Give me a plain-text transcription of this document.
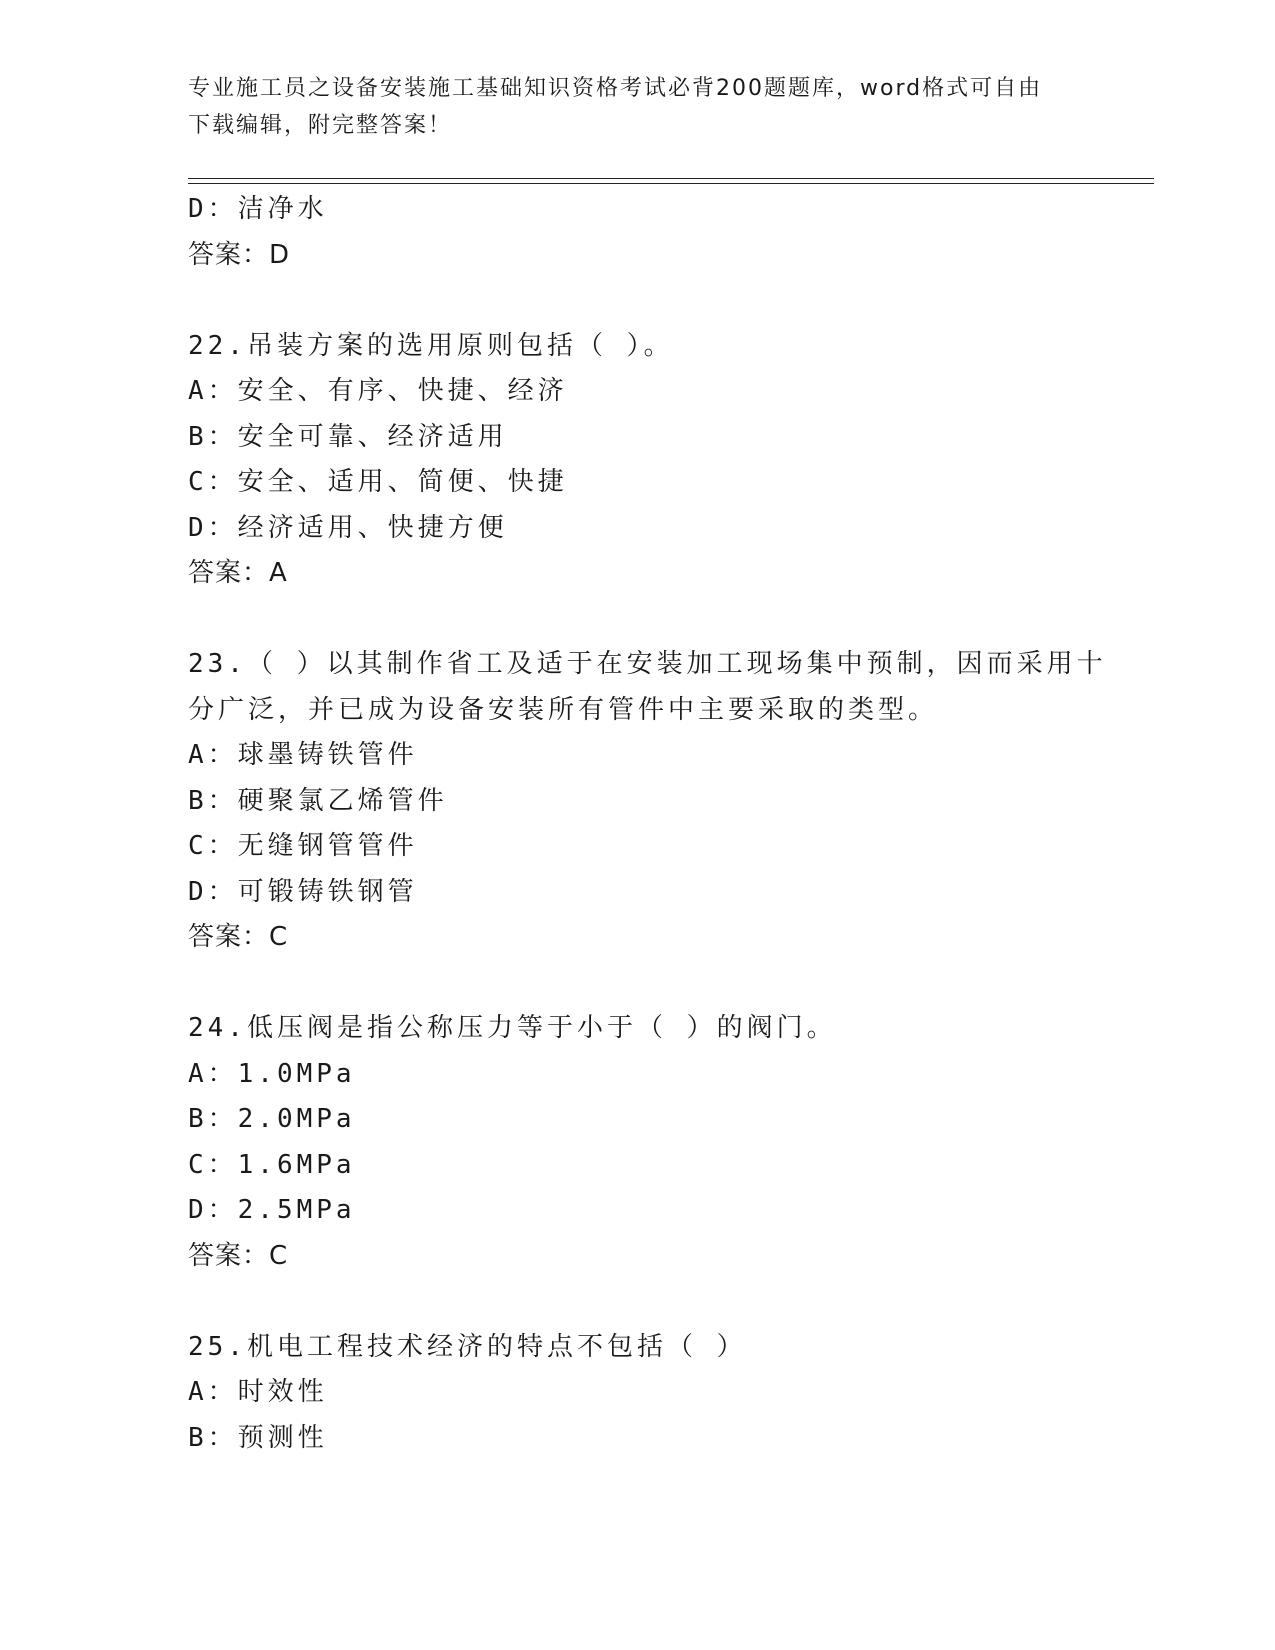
专业施工员之设备安装施工基础知识资格考试必背200题题库，word格式可自由
下载编辑，附完整答案！
D：洁净水
答案：D
22.吊装方案的选用原则包括（ ）。
A：安全、有序、快捷、经济
B：安全可靠、经济适用
C：安全、适用、简便、快捷
D：经济适用、快捷方便
答案：A
23.（ ）以其制作省工及适于在安装加工现场集中预制，因而采用十
分广泛，并已成为设备安装所有管件中主要采取的类型。
A：球墨铸铁管件
B：硬聚氯乙烯管件
C：无缝钢管管件
D：可锻铸铁钢管
答案：C
24.低压阀是指公称压力等于小于（ ）的阀门。
A：1.0MPa
B：2.0MPa
C：1.6MPa
D：2.5MPa
答案：C
25.机电工程技术经济的特点不包括（ ）
A：时效性
B：预测性
